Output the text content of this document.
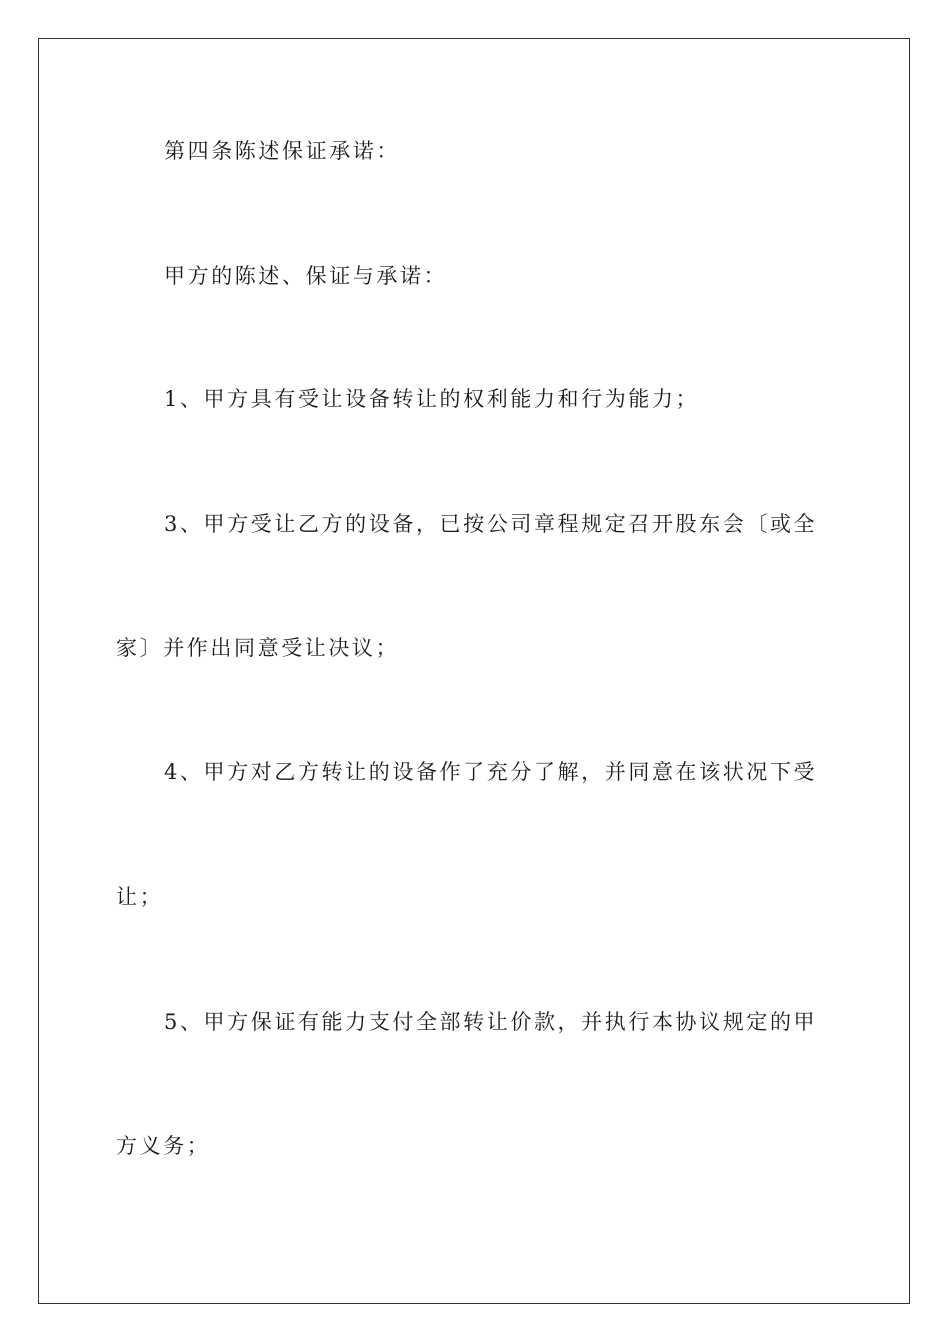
第四条陈述保证承诺：
甲方的陈述、保证与承诺：
1、甲方具有受让设备转让的权利能力和行为能力；
3、甲方受让乙方的设备，已按公司章程规定召开股东会〔或全
家〕并作出同意受让决议；
4、甲方对乙方转让的设备作了充分了解，并同意在该状况下受
让；
5、甲方保证有能力支付全部转让价款，并执行本协议规定的甲
方义务；
